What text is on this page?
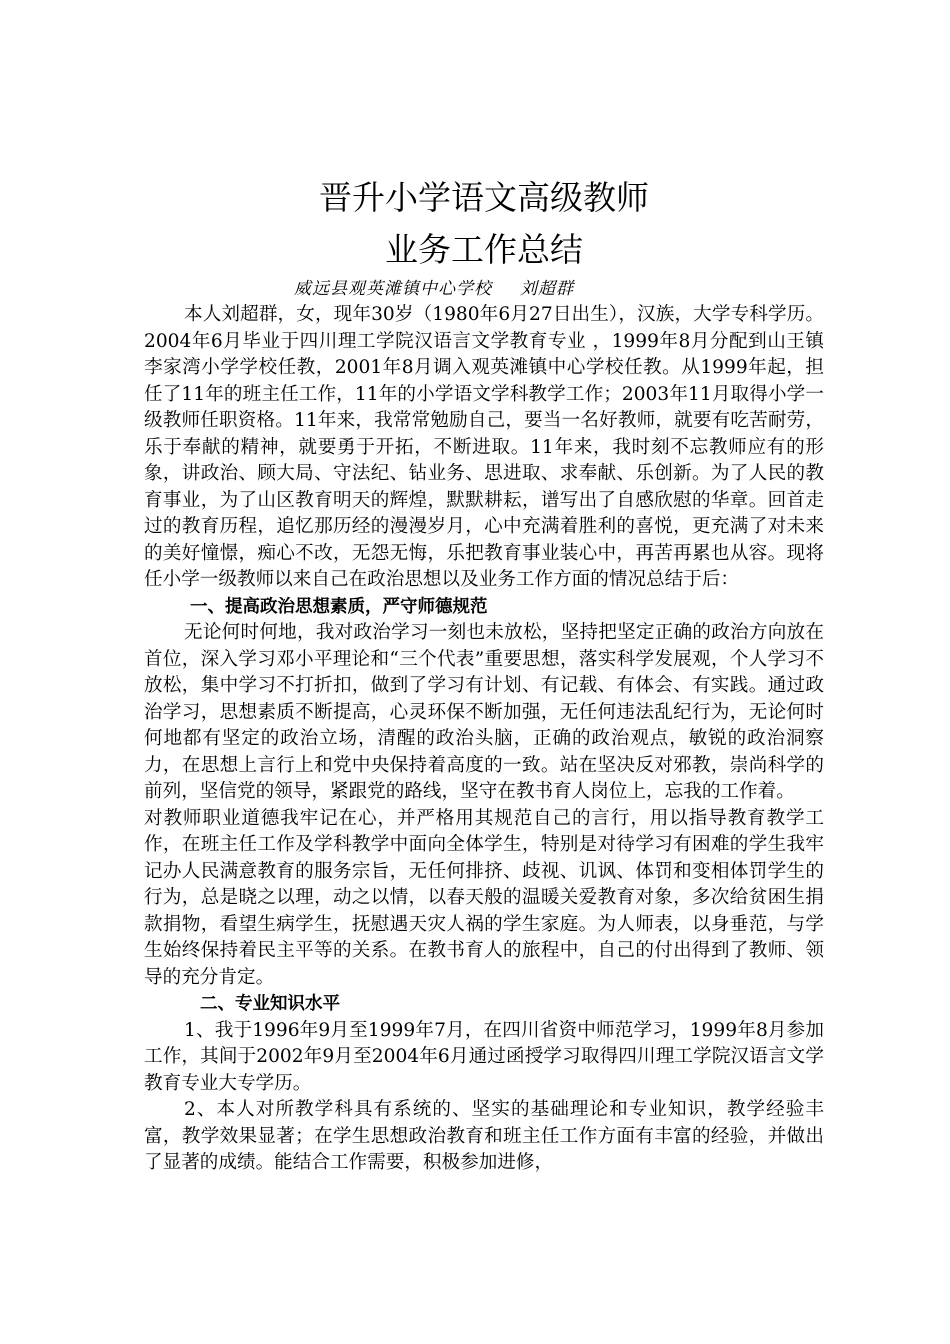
晋升小学语文高级教师
业务工作总结
威远县观英滩镇中心学校 刘超群

本人刘超群，女，现年30岁（1980年6月27日出生），汉族，大学专科学历。2004年6月毕业于四川理工学院汉语言文学教育专业 ，1999年8月分配到山王镇李家湾小学学校任教，2001年8月调入观英滩镇中心学校任教。从1999年起，担任了11年的班主任工作，11年的小学语文学科教学工作；2003年11月取得小学一级教师任职资格。11年来，我常常勉励自己，要当一名好教师，就要有吃苦耐劳，乐于奉献的精神，就要勇于开拓，不断进取。11年来，我时刻不忘教师应有的形象，讲政治、顾大局、守法纪、钻业务、思进取、求奉献、乐创新。为了人民的教育事业，为了山区教育明天的辉煌，默默耕耘，谱写出了自感欣慰的华章。回首走过的教育历程，追忆那历经的漫漫岁月，心中充满着胜利的喜悦，更充满了对未来的美好憧憬，痴心不改，无怨无悔，乐把教育事业装心中，再苦再累也从容。现将任小学一级教师以来自己在政治思想以及业务工作方面的情况总结于后：

一、提高政治思想素质，严守师德规范

无论何时何地，我对政治学习一刻也未放松，坚持把坚定正确的政治方向放在首位，深入学习邓小平理论和“三个代表”重要思想，落实科学发展观，个人学习不放松，集中学习不打折扣，做到了学习有计划、有记载、有体会、有实践。通过政治学习，思想素质不断提高，心灵环保不断加强，无任何违法乱纪行为，无论何时何地都有坚定的政治立场，清醒的政治头脑，正确的政治观点，敏锐的政治洞察力，在思想上言行上和党中央保持着高度的一致。站在坚决反对邪教，崇尚科学的前列，坚信党的领导，紧跟党的路线，坚守在教书育人岗位上，忘我的工作着。

对教师职业道德我牢记在心，并严格用其规范自己的言行，用以指导教育教学工作，在班主任工作及学科教学中面向全体学生，特别是对待学习有困难的学生我牢记办人民满意教育的服务宗旨，无任何排挤、歧视、讥讽、体罚和变相体罚学生的行为，总是晓之以理，动之以情，以春天般的温暖关爱教育对象，多次给贫困生捐款捐物，看望生病学生，抚慰遇天灾人祸的学生家庭。为人师表，以身垂范，与学生始终保持着民主平等的关系。在教书育人的旅程中，自己的付出得到了教师、领导的充分肯定。

二、专业知识水平

1、我于1996年9月至1999年7月，在四川省资中师范学习，1999年8月参加工作，其间于2002年9月至2004年6月通过函授学习取得四川理工学院汉语言文学教育专业大专学历。

2、本人对所教学科具有系统的、坚实的基础理论和专业知识，教学经验丰富，教学效果显著；在学生思想政治教育和班主任工作方面有丰富的经验，并做出了显著的成绩。能结合工作需要，积极参加进修，
